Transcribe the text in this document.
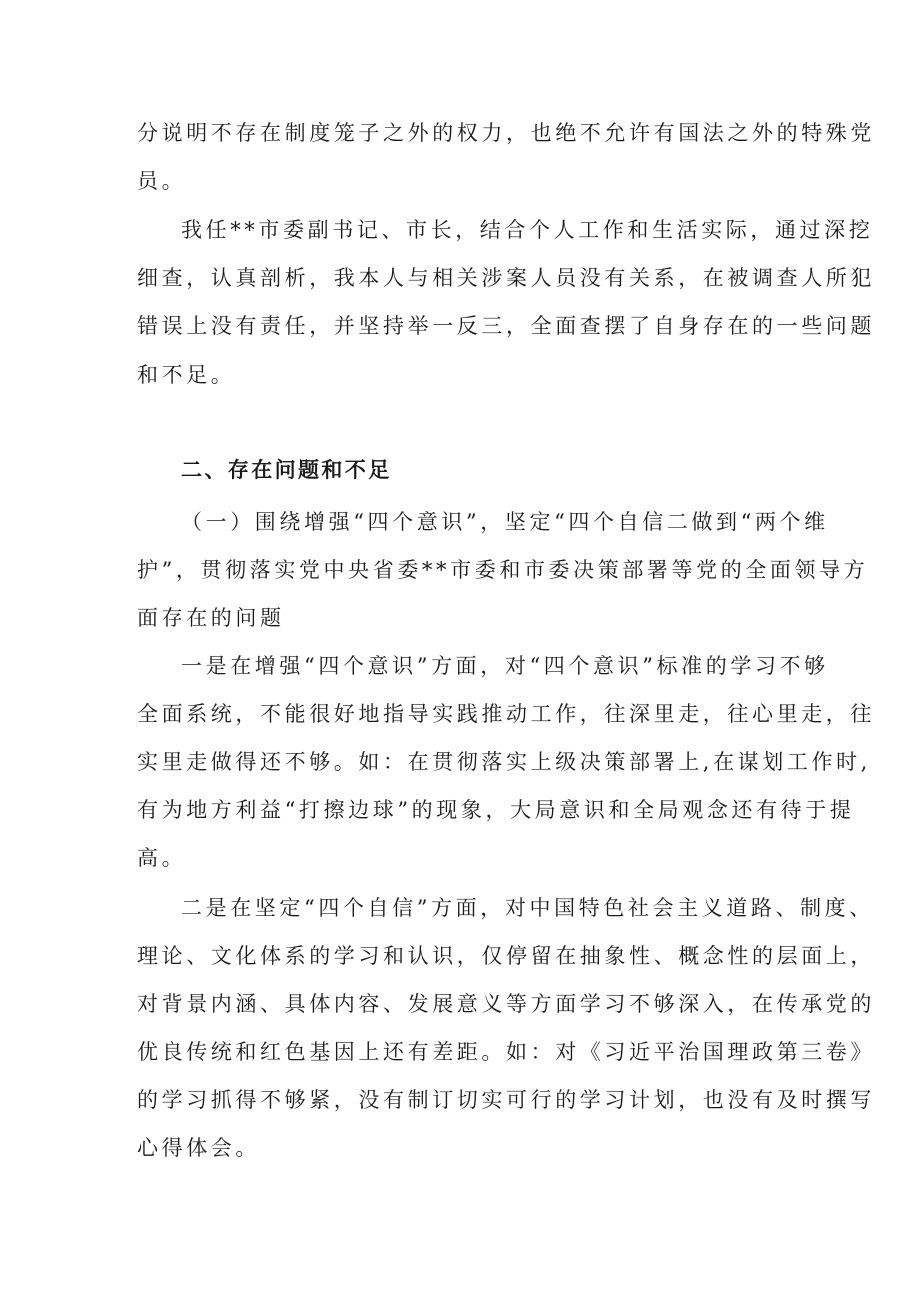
分说明不存在制度笼子之外的权力，也绝不允许有国法之外的特殊党
员。
我任**市委副书记、市长，结合个人工作和生活实际，通过深挖
细查，认真剖析，我本人与相关涉案人员没有关系，在被调查人所犯
错误上没有责任，并坚持举一反三，全面查摆了自身存在的一些问题
和不足。
二、存在问题和不足
（一）围绕增强“四个意识”，坚定“四个自信二做到“两个维
护”，贯彻落实党中央省委**市委和市委决策部署等党的全面领导方
面存在的问题
一是在增强“四个意识”方面，对“四个意识”标准的学习不够
全面系统，不能很好地指导实践推动工作，往深里走，往心里走，往
实里走做得还不够。如：在贯彻落实上级决策部署上,在谋划工作时,
有为地方利益“打擦边球”的现象，大局意识和全局观念还有待于提
高。
二是在坚定“四个自信”方面，对中国特色社会主义道路、制度、
理论、文化体系的学习和认识，仅停留在抽象性、概念性的层面上，
对背景内涵、具体内容、发展意义等方面学习不够深入，在传承党的
优良传统和红色基因上还有差距。如：对《习近平治国理政第三卷》
的学习抓得不够紧，没有制订切实可行的学习计划，也没有及时撰写
心得体会。
